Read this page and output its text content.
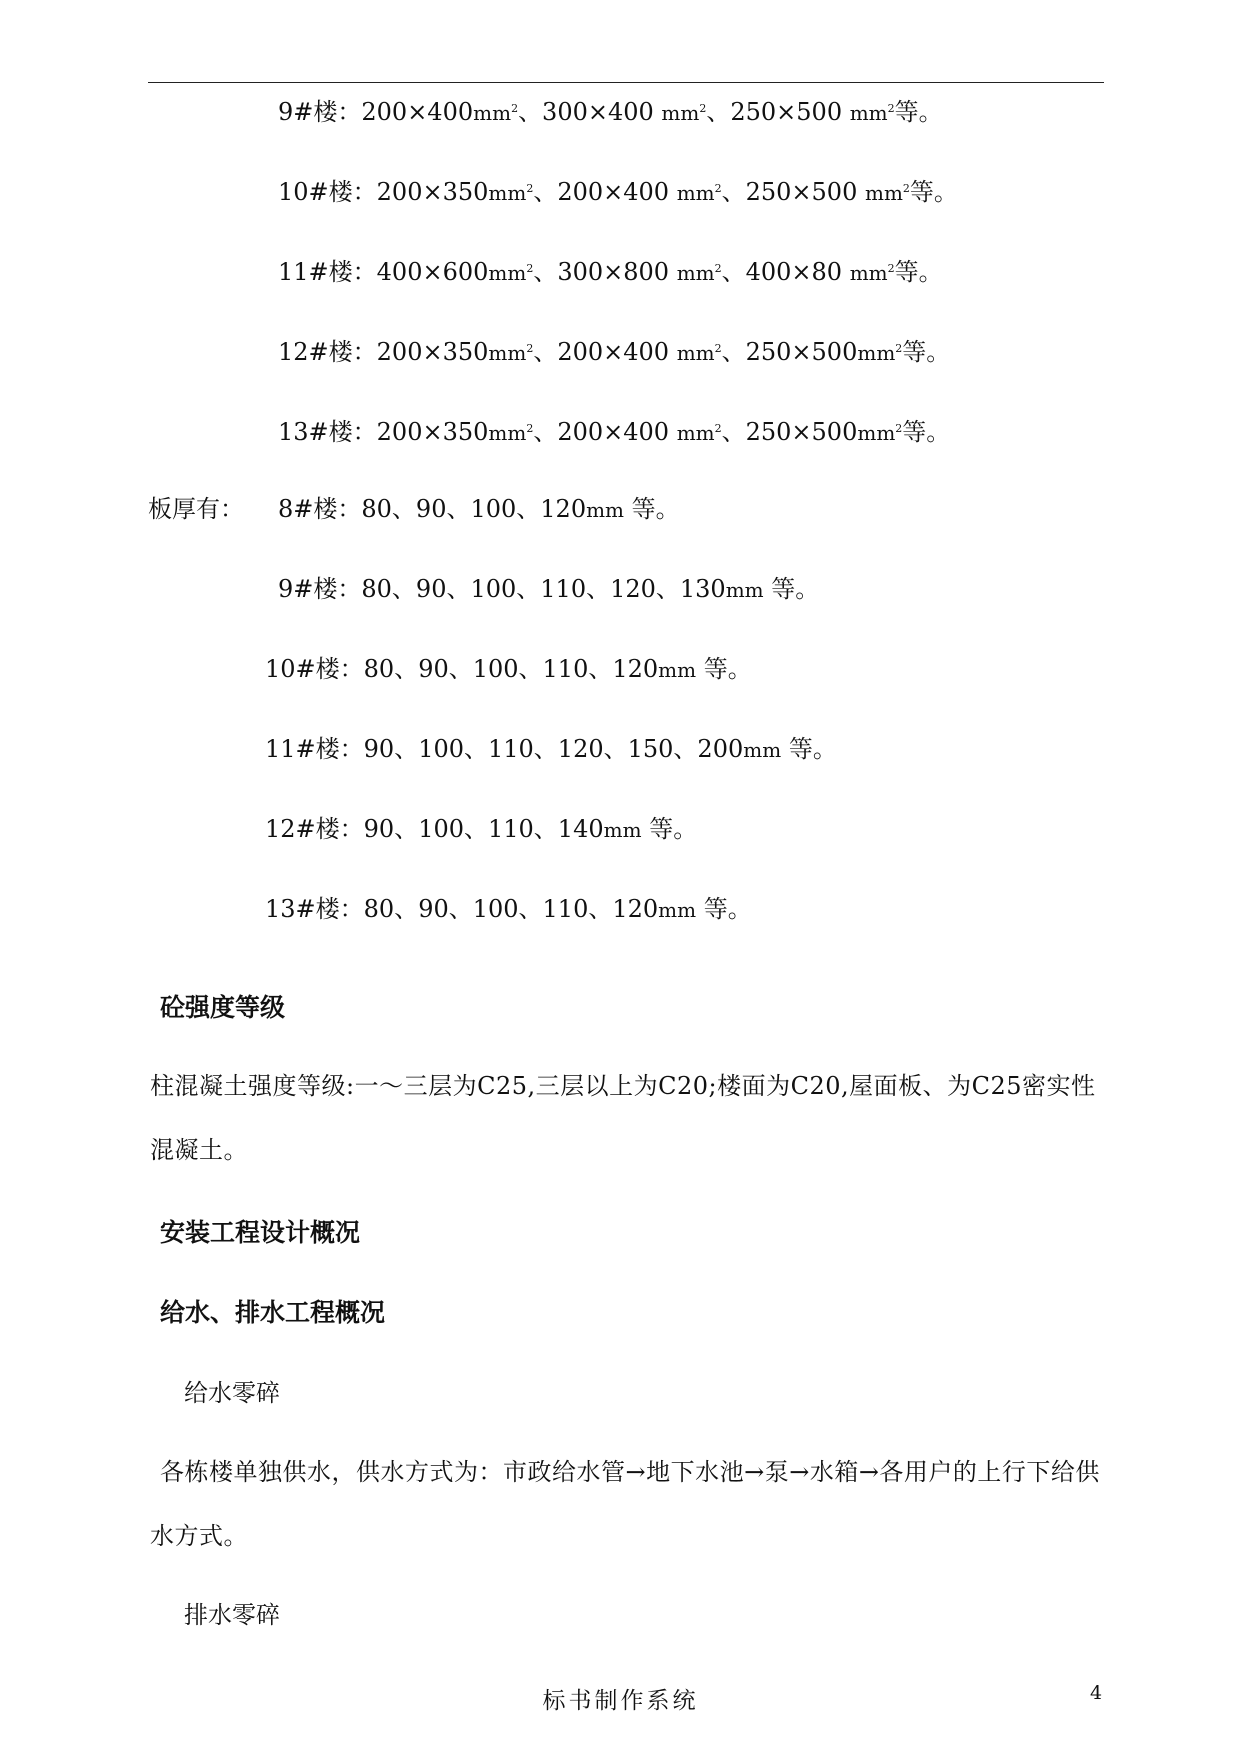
9#楼：$200\times 400mm^2$、300×400 $mm^2$、250×500 $mm^2$等。
10#楼：$200\times 350mm^2$、200×400 $mm^2$、250×500 $mm^2$等。
11#楼：$400\times 600mm^2$、300×800 $mm^2$、400×80 $mm^2$等。
12#楼：$200\times 350mm^2$、200×400 $mm^2$、$250\times 500mm^2$等。
13#楼：$200\times 350mm^2$、200×400 $mm^2$、$250\times 500mm^2$等。
板厚有： 8#楼：80、90、100、120mm 等。
9#楼：80、90、100、110、120、130mm 等。
10#楼：80、90、100、110、120mm 等。
11#楼：90、100、110、120、150、200mm 等。
12#楼：90、100、110、140mm 等。
13#楼：80、90、100、110、120mm 等。
砼强度等级
柱混凝土强度等级:一～三层为C25,三层以上为C20;楼面为C20,屋面板、为C25密实性混凝土。
安装工程设计概况
给水、排水工程概况
给水零碎
各栋楼单独供水，供水方式为：市政给水管→地下水池→泵→水箱→各用户的上行下给供水方式。
排水零碎
标书制作系统	4
